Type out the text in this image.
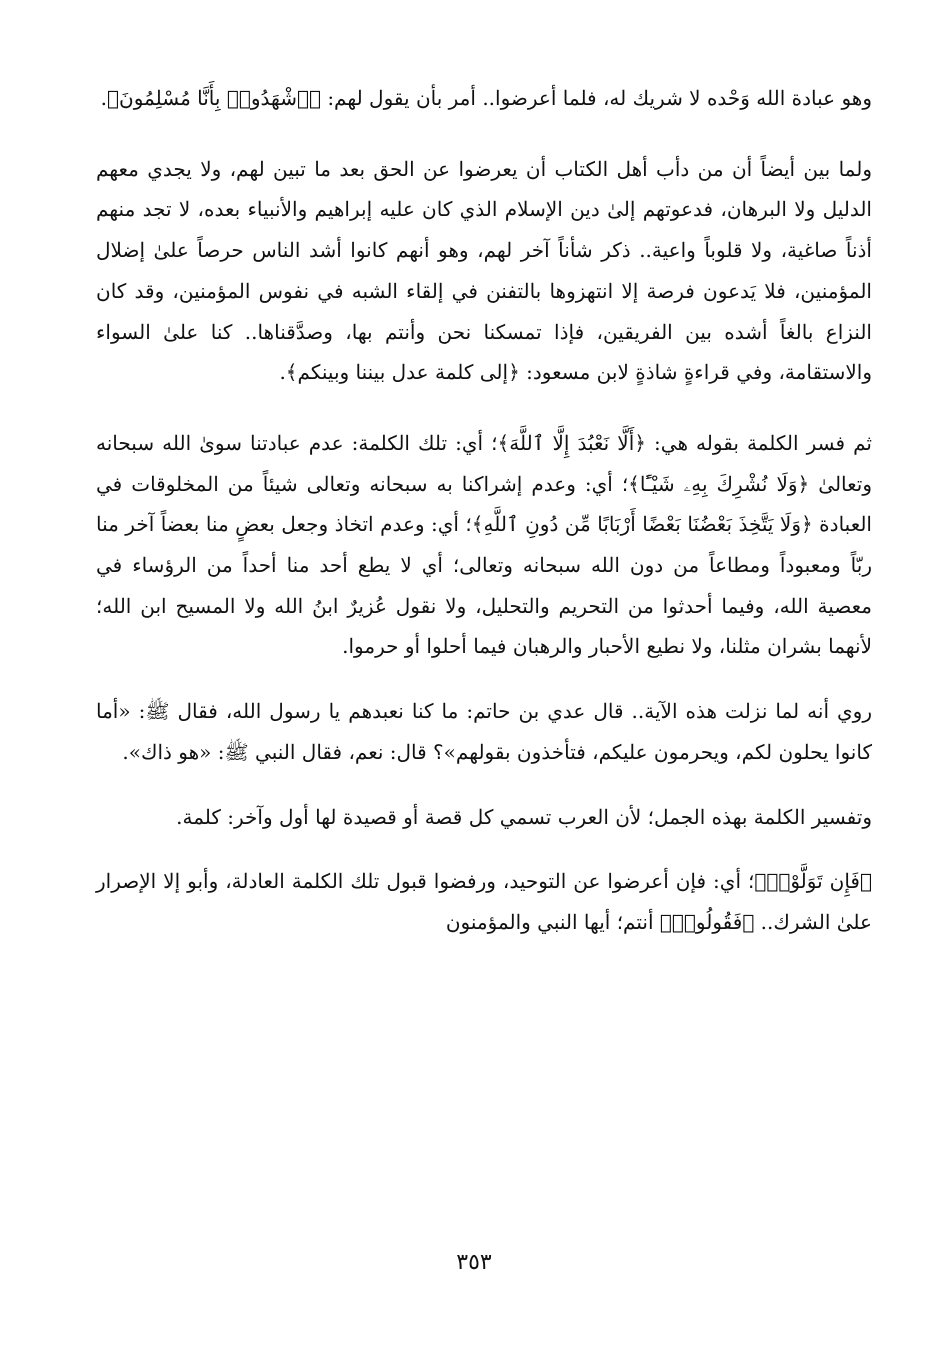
وهو عبادة الله وَحْده لا شريك له، فلما أعرضوا.. أمر بأن يقول لهم: ﴿ٱشْهَدُوا۟ بِأَنَّا مُسْلِمُونَ﴾.

ولما بين أيضاً أن من دأب أهل الكتاب أن يعرضوا عن الحق بعد ما تبين لهم، ولا يجدي معهم الدليل ولا البرهان، فدعوتهم إلىٰ دين الإسلام الذي كان عليه إبراهيم والأنبياء بعده، لا تجد منهم أذناً صاغية، ولا قلوباً واعية.. ذكر شأناً آخر لهم، وهو أنهم كانوا أشد الناس حرصاً علىٰ إضلال المؤمنين، فلا يَدعون فرصة إلا انتهزوها بالتفنن في إلقاء الشبه في نفوس المؤمنين، وقد كان النزاع بالغاً أشده بين الفريقين، فإذا تمسكنا نحن وأنتم بها، وصدَّقناها.. كنا علىٰ السواء والاستقامة، وفي قراءةٍ شاذةٍ لابن مسعود: ﴿إلى كلمة عدل بيننا وبينكم﴾.

ثم فسر الكلمة بقوله هي: ﴿أَلَّا نَعْبُدَ إِلَّا ٱللَّهَ﴾؛ أي: تلك الكلمة: عدم عبادتنا سوىٰ الله سبحانه وتعالىٰ ﴿وَلَا نُشْرِكَ بِهِۦ شَيْـًٔا﴾؛ أي: وعدم إشراكنا به سبحانه وتعالى شيئاً من المخلوقات في العبادة ﴿وَلَا يَتَّخِذَ بَعْضُنَا بَعْضًا أَرْبَابًا مِّن دُونِ ٱللَّهِ﴾؛ أي: وعدم اتخاذ وجعل بعضٍ منا بعضاً آخر منا ربّاً ومعبوداً ومطاعاً من دون الله سبحانه وتعالى؛ أي لا يطع أحد منا أحداً من الرؤساء في معصية الله، وفيما أحدثوا من التحريم والتحليل، ولا نقول عُزيرٌ ابنُ الله ولا المسيح ابن الله؛ لأنهما بشران مثلنا، ولا نطيع الأحبار والرهبان فيما أحلوا أو حرموا.

روي أنه لما نزلت هذه الآية.. قال عدي بن حاتم: ما كنا نعبدهم يا رسول الله، فقال ﷺ: «أما كانوا يحلون لكم، ويحرمون عليكم، فتأخذون بقولهم»؟ قال: نعم، فقال النبي ﷺ: «هو ذاك».

وتفسير الكلمة بهذه الجمل؛ لأن العرب تسمي كل قصة أو قصيدة لها أول وآخر: كلمة.

﴿فَإِن تَوَلَّوْا۟﴾؛ أي: فإن أعرضوا عن التوحيد، ورفضوا قبول تلك الكلمة العادلة، وأبو إلا الإصرار علىٰ الشرك.. ﴿فَقُولُوا۟﴾ أنتم؛ أيها النبي والمؤمنون

٣٥٣
